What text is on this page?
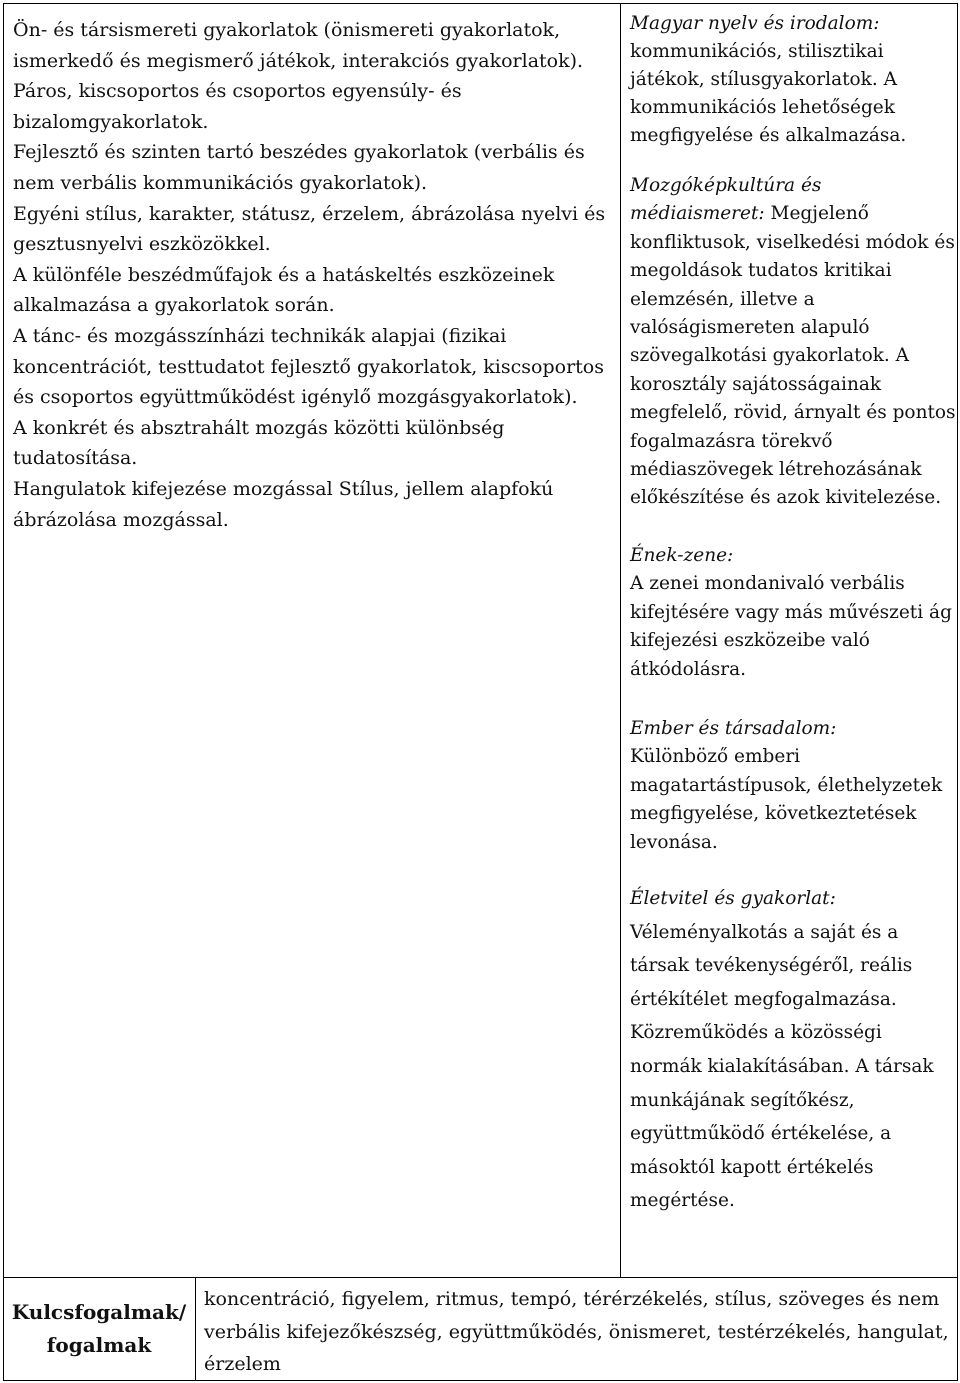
Ön- és társismereti gyakorlatok (önismereti gyakorlatok, ismerkedő és megismerő játékok, interakciós gyakorlatok).

Páros, kiscsoportos és csoportos egyensúly- és bizalomgyakorlatok.

Fejlesztő és szinten tartó beszédes gyakorlatok (verbális és nem verbális kommunikációs gyakorlatok).

Egyéni stílus, karakter, státusz, érzelem, ábrázolása nyelvi és gesztusnyelvi eszközökkel.

A különféle beszédműfajok és a hatáskeltés eszközeinek alkalmazása a gyakorlatok során.

A tánc- és mozgásszínházi technikák alapjai (fizikai koncentrációt, testtudatot fejlesztő gyakorlatok, kiscsoportos és csoportos együttműködést igénylő mozgásgyakorlatok).

A konkrét és absztrahált mozgás közötti különbség tudatosítása.

Hangulatok kifejezése mozgással Stílus, jellem alapfokú ábrázolása mozgással.

Magyar nyelv és irodalom:
kommunikációs, stilisztikai játékok, stílusgyakorlatok. A kommunikációs lehetőségek megfigyelése és alkalmazása.

Mozgóképkultúra és médiaismeret: Megjelenő konfliktusok, viselkedési módok és megoldások tudatos kritikai elemzésén, illetve a valóságismereten alapuló szövegalkotási gyakorlatok. A korosztály sajátosságainak megfelelő, rövid, árnyalt és pontos fogalmazásra törekvő médiaszövegek létrehozásának előkészítése és azok kivitelezése.

Ének-zene:
A zenei mondanivaló verbális kifejtésére vagy más művészeti ág kifejezési eszközeibe való átkódolásra.

Ember és társadalom:
Különböző emberi magatartástípusok, élethelyzetek megfigyelése, következtetések levonása.

Életvitel és gyakorlat:
Véleményalkotás a saját és a társak tevékenységéről, reális értékítélet megfogalmazása. Közreműködés a közösségi normák kialakításában. A társak munkájának segítőkész, együttműködő értékelése, a másoktól kapott értékelés megértése.

Kulcsfogalmak/
fogalmak
koncentráció, figyelem, ritmus, tempó, térérzékelés, stílus, szöveges és nem verbális kifejezőkészség, együttműködés, önismeret, testérzékelés, hangulat, érzelem
